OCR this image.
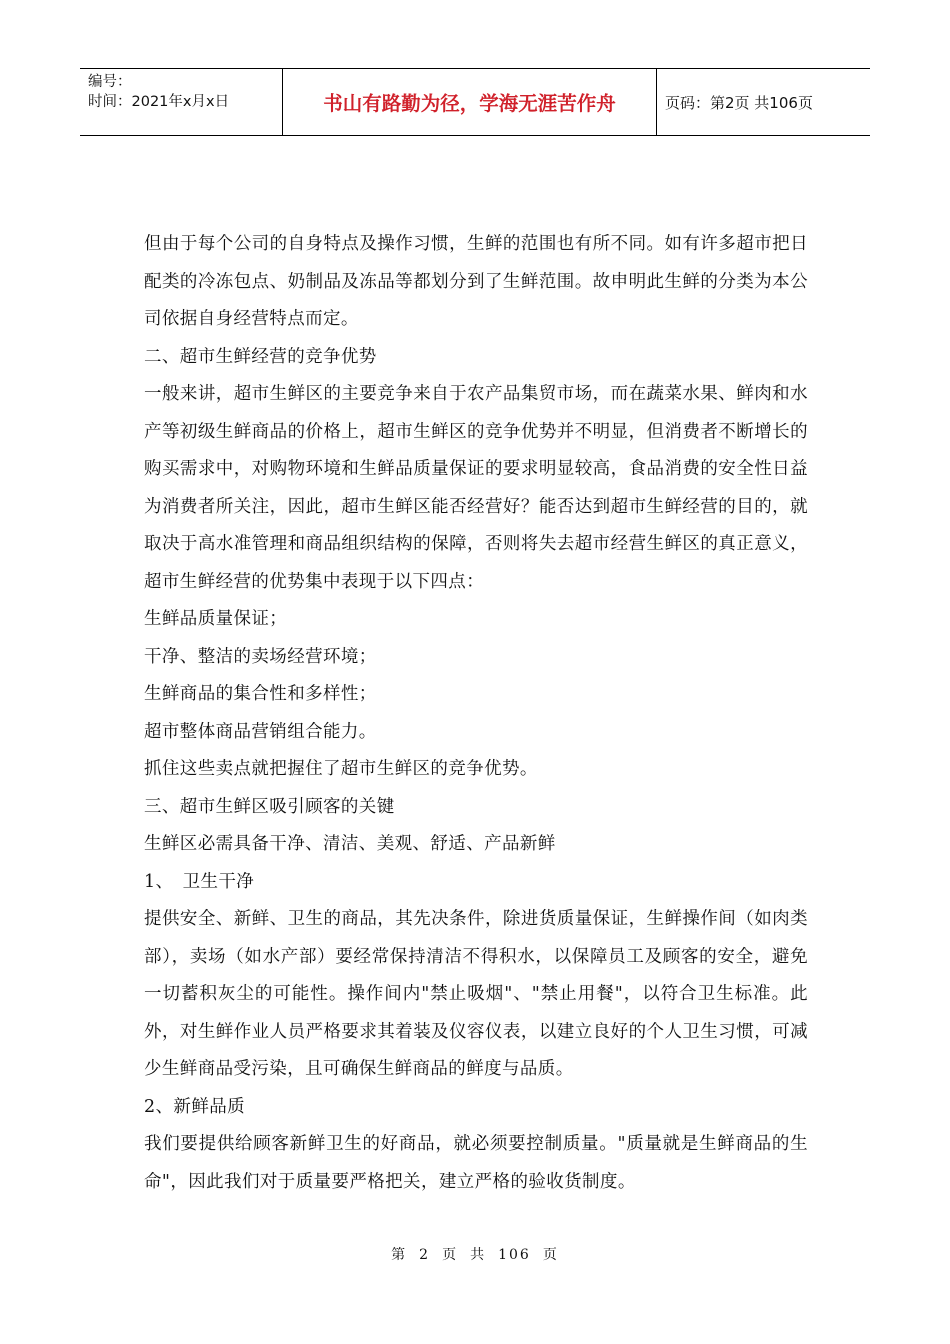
编号：
时间：2021年x月x日	书山有路勤为径，学海无涯苦作舟	页码：第2页 共106页

但由于每个公司的自身特点及操作习惯，生鲜的范围也有所不同。如有许多超市把日配类的冷冻包点、奶制品及冻品等都划分到了生鲜范围。故申明此生鲜的分类为本公司依据自身经营特点而定。

二、超市生鲜经营的竞争优势

一般来讲，超市生鲜区的主要竞争来自于农产品集贸市场，而在蔬菜水果、鲜肉和水产等初级生鲜商品的价格上，超市生鲜区的竞争优势并不明显，但消费者不断增长的购买需求中，对购物环境和生鲜品质量保证的要求明显较高，食品消费的安全性日益为消费者所关注，因此，超市生鲜区能否经营好？能否达到超市生鲜经营的目的，就取决于高水准管理和商品组织结构的保障，否则将失去超市经营生鲜区的真正意义，超市生鲜经营的优势集中表现于以下四点：

生鲜品质量保证；

干净、整洁的卖场经营环境；

生鲜商品的集合性和多样性；

超市整体商品营销组合能力。

抓住这些卖点就把握住了超市生鲜区的竞争优势。

三、超市生鲜区吸引顾客的关键

生鲜区必需具备干净、清洁、美观、舒适、产品新鲜

1、　卫生干净

提供安全、新鲜、卫生的商品，其先决条件，除进货质量保证，生鲜操作间（如肉类部），卖场（如水产部）要经常保持清洁不得积水，以保障员工及顾客的安全，避免一切蓄积灰尘的可能性。操作间内"禁止吸烟"、"禁止用餐"，以符合卫生标准。此外，对生鲜作业人员严格要求其着装及仪容仪表，以建立良好的个人卫生习惯，可减少生鲜商品受污染，且可确保生鲜商品的鲜度与品质。

2、新鲜品质

我们要提供给顾客新鲜卫生的好商品，就必须要控制质量。"质量就是生鲜商品的生命"，因此我们对于质量要严格把关，建立严格的验收货制度。

第 2 页 共 106 页
